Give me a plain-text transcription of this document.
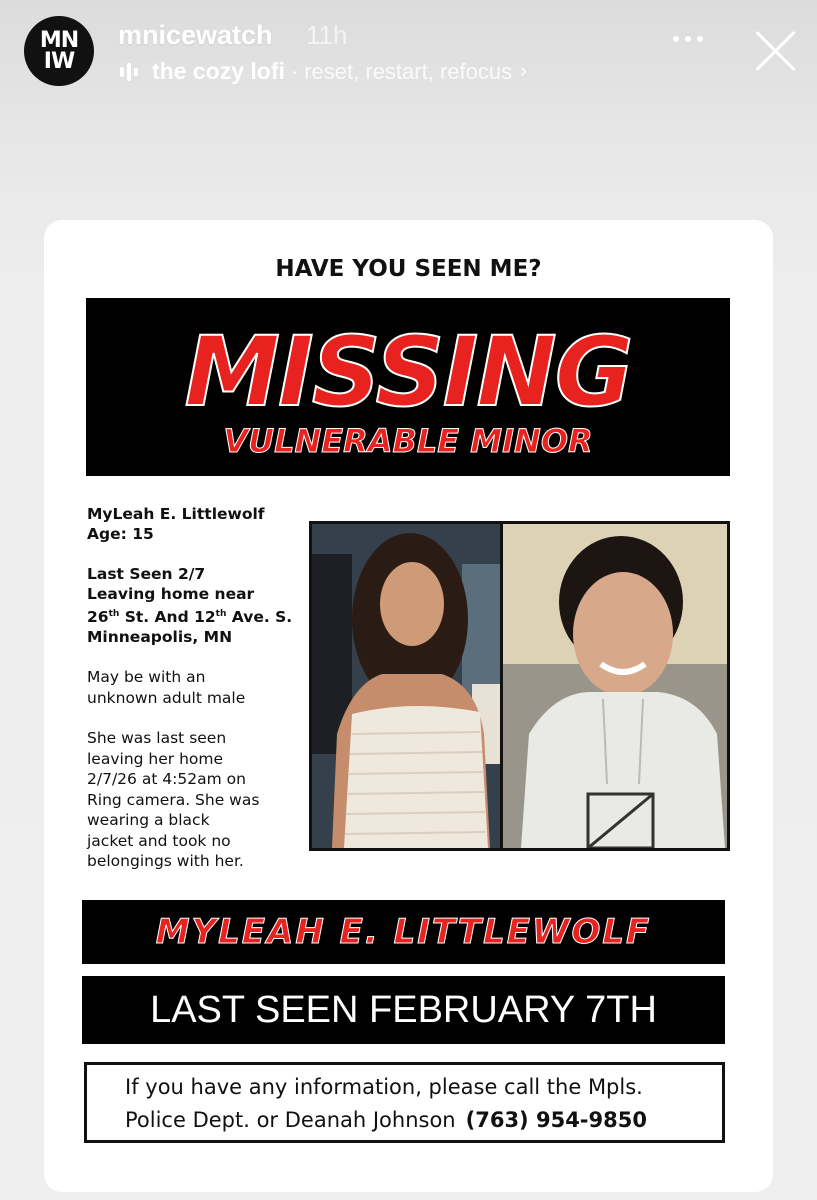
MN
IW
mnicewatch 11h
the cozy lofi · reset, restart, refocus ›
HAVE YOU SEEN ME?
MISSING
VULNERABLE MINOR
MyLeah E. Littlewolf
Age: 15
Last Seen 2/7
Leaving home near
26th St. And 12th Ave. S.
Minneapolis, MN
May be with an
unknown adult male
She was last seen
leaving her home
2/7/26 at 4:52am on
Ring camera. She was
wearing a black
jacket and took no
belongings with her.
MYLEAH E. LITTLEWOLF
LAST SEEN FEBRUARY 7TH
If you have any information, please call the Mpls.
Police Dept. or Deanah Johnson (763) 954-9850
